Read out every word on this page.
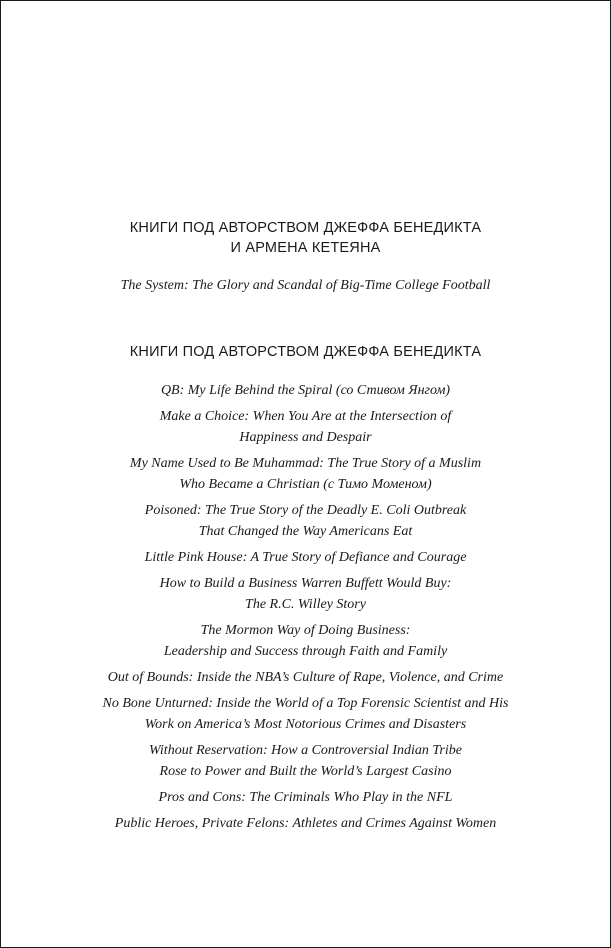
КНИГИ ПОД АВТОРСТВОМ ДЖЕФФА БЕНЕДИКТА
И АРМЕНА КЕТЕЯНА

The System: The Glory and Scandal of Big-Time College Football

КНИГИ ПОД АВТОРСТВОМ ДЖЕФФА БЕНЕДИКТА
QB: My Life Behind the Spiral (со Стивом Янгом)
Make a Choice: When You Are at the Intersection of
Happiness and Despair
My Name Used to Be Muhammad: The True Story of a Muslim
Who Became a Christian (с Тимо Моменом)
Poisoned: The True Story of the Deadly E. Coli Outbreak
That Changed the Way Americans Eat
Little Pink House: A True Story of Defiance and Courage
How to Build a Business Warren Buffett Would Buy:
The R.C. Willey Story
The Mormon Way of Doing Business:
Leadership and Success through Faith and Family
Out of Bounds: Inside the NBA’s Culture of Rape, Violence, and Crime
No Bone Unturned: Inside the World of a Top Forensic Scientist and His
Work on America’s Most Notorious Crimes and Disasters
Without Reservation: How a Controversial Indian Tribe
Rose to Power and Built the World’s Largest Casino
Pros and Cons: The Criminals Who Play in the NFL
Public Heroes, Private Felons: Athletes and Crimes Against Women
